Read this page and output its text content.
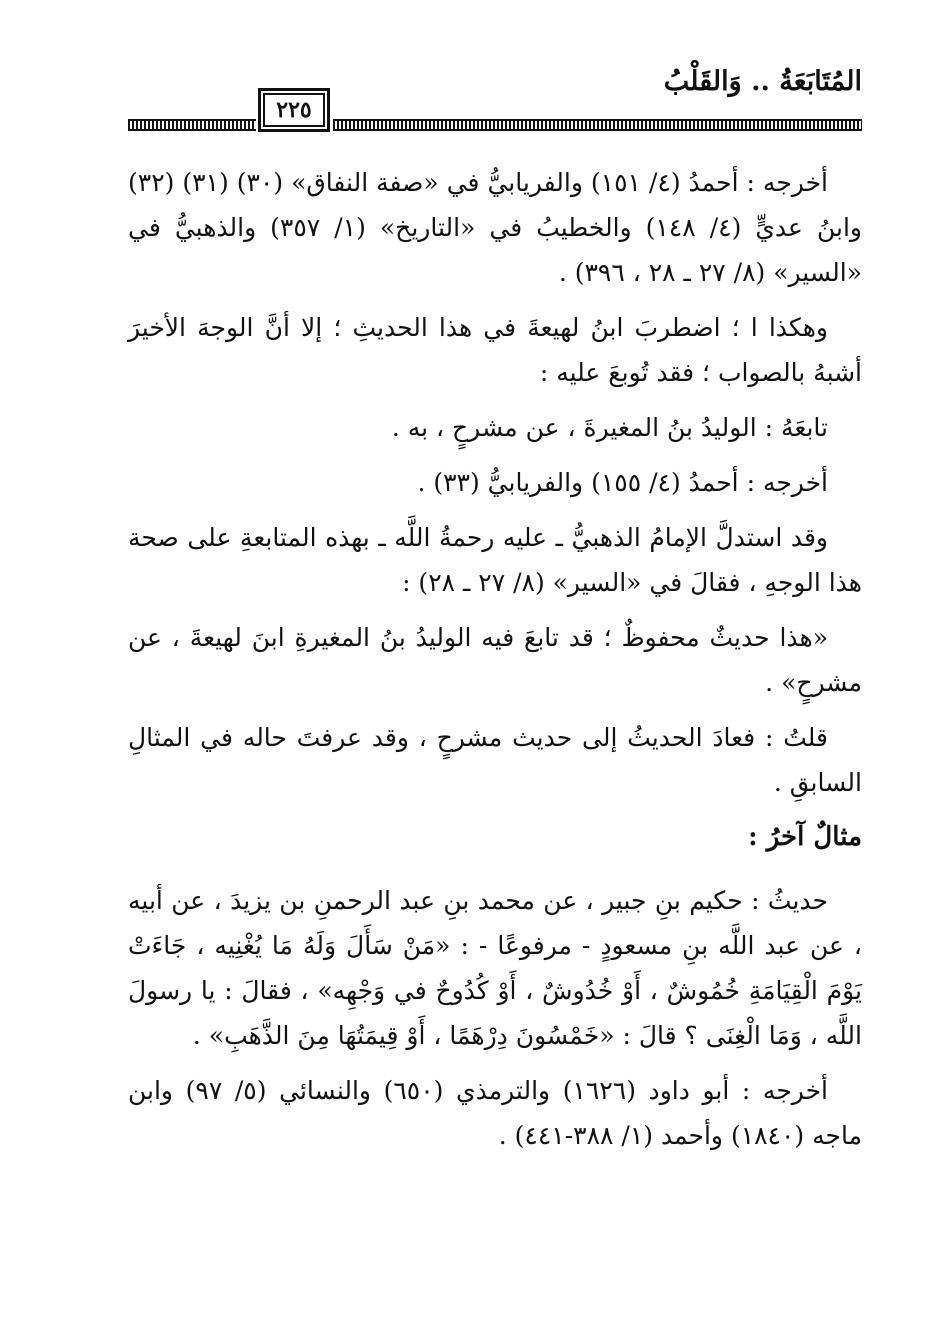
المُتَابَعَةُ .. وَالقَلْبُ
٢٢٥

أخرجه : أحمدُ (٤/ ١٥١) والفريابيُّ في «صفة النفاق» (٣٠) (٣١) (٣٢) وابنُ عديٍّ (٤/ ١٤٨) والخطيبُ في «التاريخ» (١/ ٣٥٧) والذهبيُّ في «السير» (٨/ ٢٧ ـ ٢٨ ، ٣٩٦) .

وهكذا ا ؛ اضطربَ ابنُ لهيعةَ في هذا الحديثِ ؛ إلا أنَّ الوجهَ الأخيرَ أشبهُ بالصواب ؛ فقد تُوبعَ عليه :

تابعَهُ : الوليدُ بنُ المغيرةَ ، عن مشرحٍ ، به .

أخرجه : أحمدُ (٤/ ١٥٥) والفريابيُّ (٣٣) .

وقد استدلَّ الإمامُ الذهبيُّ ـ عليه رحمةُ اللَّه ـ بهذه المتابعةِ على صحة هذا الوجهِ ، فقالَ في «السير» (٨/ ٢٧ ـ ٢٨) :

«هذا حديثٌ محفوظٌ ؛ قد تابعَ فيه الوليدُ بنُ المغيرةِ ابنَ لهيعةَ ، عن مشرحٍ» .

قلتُ : فعادَ الحديثُ إلى حديث مشرحٍ ، وقد عرفتَ حاله في المثالِ السابقِ .

مثالٌ آخرُ :

حديثُ : حكيم بنِ جبير ، عن محمد بنِ عبد الرحمنِ بن يزيدَ ، عن أبيه ، عن عبد اللَّه بنِ مسعودٍ - مرفوعًا - : «مَنْ سَأَلَ وَلَهُ مَا يُغْنِيه ، جَاءَتْ يَوْمَ الْقِيَامَةِ خُمُوشٌ ، أَوْ خُدُوشٌ ، أَوْ كُدُوحٌ في وَجْهِه» ، فقالَ : يا رسولَ اللَّه ، وَمَا الْغِنَى ؟ قالَ : «خَمْسُونَ دِرْهَمًا ، أَوْ قِيمَتُهَا مِنَ الذَّهَبِ» .

أخرجه : أبو داود (١٦٢٦) والترمذي (٦٥٠) والنسائي (٥/ ٩٧) وابن ماجه (١٨٤٠) وأحمد (١/ ٣٨٨-٤٤١) .
